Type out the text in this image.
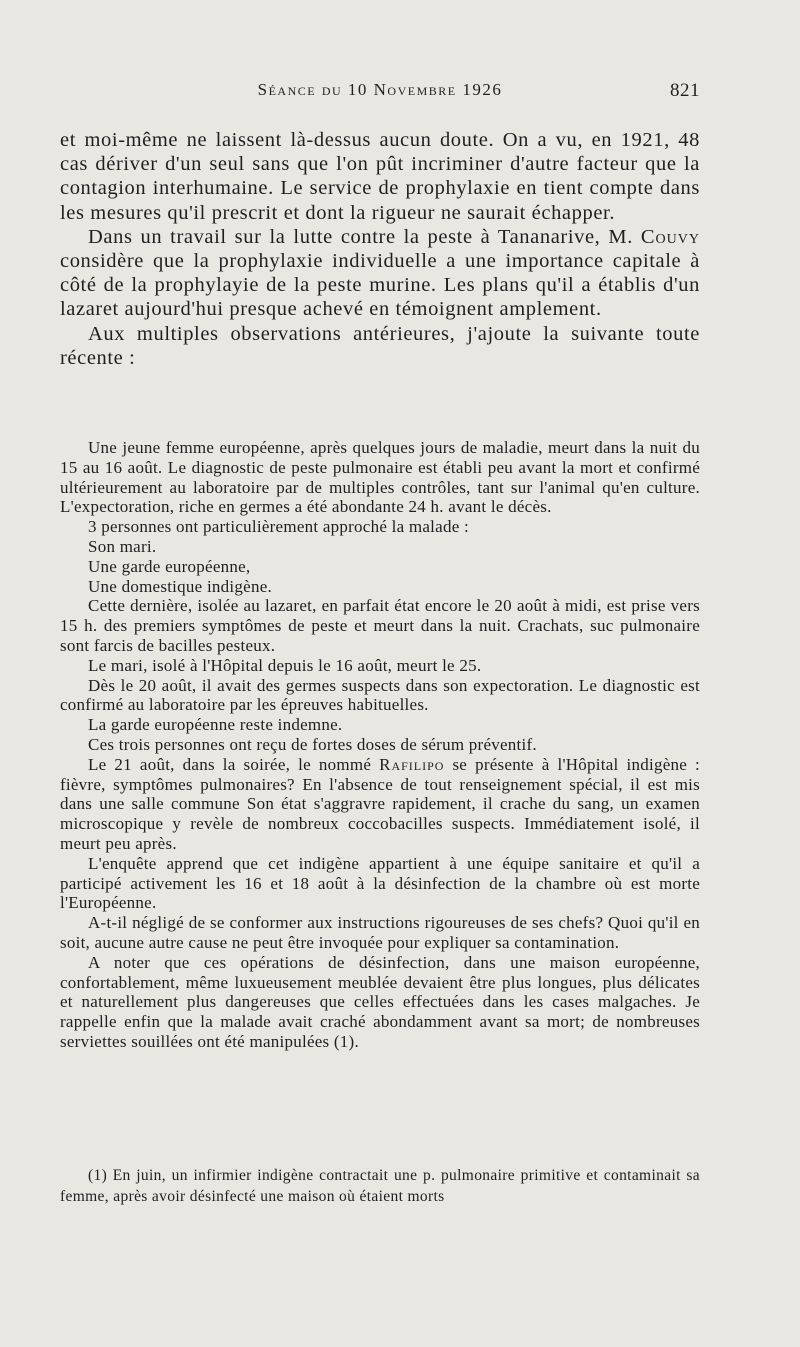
Séance du 10 Novembre 1926	821

et moi-même ne laissent là-dessus aucun doute. On a vu, en 1921, 48 cas dériver d'un seul sans que l'on pût incriminer d'autre facteur que la contagion interhumaine. Le service de prophylaxie en tient compte dans les mesures qu'il prescrit et dont la rigueur ne saurait échapper.

Dans un travail sur la lutte contre la peste à Tananarive, M. Couvy considère que la prophylaxie individuelle a une importance capitale à côté de la prophylayie de la peste murine. Les plans qu'il a établis d'un lazaret aujourd'hui presque achevé en témoignent amplement.

Aux multiples observations antérieures, j'ajoute la suivante toute récente :

Une jeune femme européenne, après quelques jours de maladie, meurt dans la nuit du 15 au 16 août. Le diagnostic de peste pulmonaire est établi peu avant la mort et confirmé ultérieurement au laboratoire par de multiples contrôles, tant sur l'animal qu'en culture. L'expectoration, riche en germes a été abondante 24 h. avant le décès.

3 personnes ont particulièrement approché la malade :

Son mari.

Une garde européenne,

Une domestique indigène.

Cette dernière, isolée au lazaret, en parfait état encore le 20 août à midi, est prise vers 15 h. des premiers symptômes de peste et meurt dans la nuit. Crachats, suc pulmonaire sont farcis de bacilles pesteux.

Le mari, isolé à l'Hôpital depuis le 16 août, meurt le 25.

Dès le 20 août, il avait des germes suspects dans son expectoration. Le diagnostic est confirmé au laboratoire par les épreuves habituelles.

La garde européenne reste indemne.

Ces trois personnes ont reçu de fortes doses de sérum préventif.

Le 21 août, dans la soirée, le nommé Rafilipo se présente à l'Hôpital indigène : fièvre, symptômes pulmonaires? En l'absence de tout renseignement spécial, il est mis dans une salle commune Son état s'aggravre rapidement, il crache du sang, un examen microscopique y revèle de nombreux coccobacilles suspects. Immédiatement isolé, il meurt peu après.

L'enquête apprend que cet indigène appartient à une équipe sanitaire et qu'il a participé activement les 16 et 18 août à la désinfection de la chambre où est morte l'Européenne.

A-t-il négligé de se conformer aux instructions rigoureuses de ses chefs? Quoi qu'il en soit, aucune autre cause ne peut être invoquée pour expliquer sa contamination.

A noter que ces opérations de désinfection, dans une maison européenne, confortablement, même luxueusement meublée devaient être plus longues, plus délicates et naturellement plus dangereuses que celles effectuées dans les cases malgaches. Je rappelle enfin que la malade avait craché abondamment avant sa mort; de nombreuses serviettes souillées ont été manipulées (1).

(1) En juin, un infirmier indigène contractait une p. pulmonaire primitive et contaminait sa femme, après avoir désinfecté une maison où étaient morts
